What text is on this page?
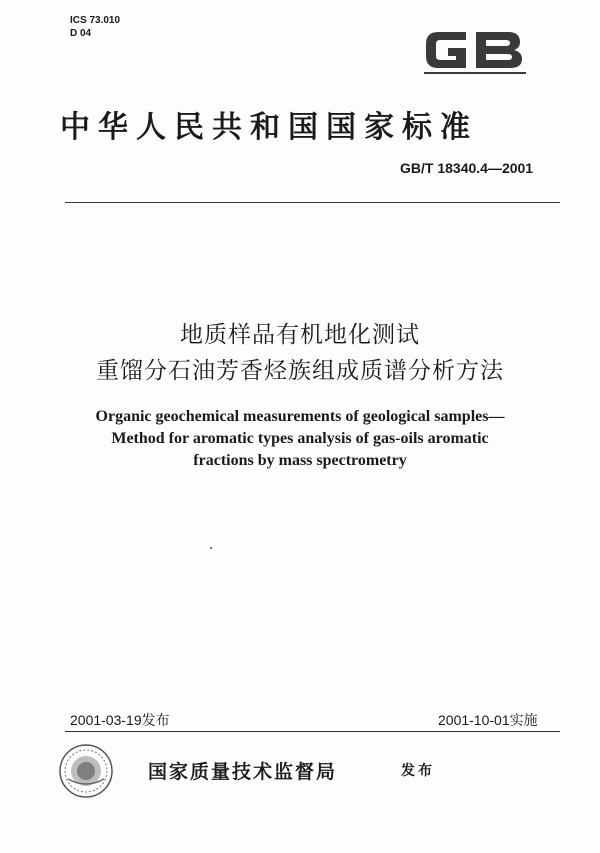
ICS 73.010
D 04
中华人民共和国国家标准
GB/T 18340.4—2001
地质样品有机地化测试
重馏分石油芳香烃族组成质谱分析方法
Organic geochemical measurements of geological samples—
Method for aromatic types analysis of gas-oils aromatic
fractions by mass spectrometry
2001-03-19发布	2001-10-01实施
国家质量技术监督局	发布
